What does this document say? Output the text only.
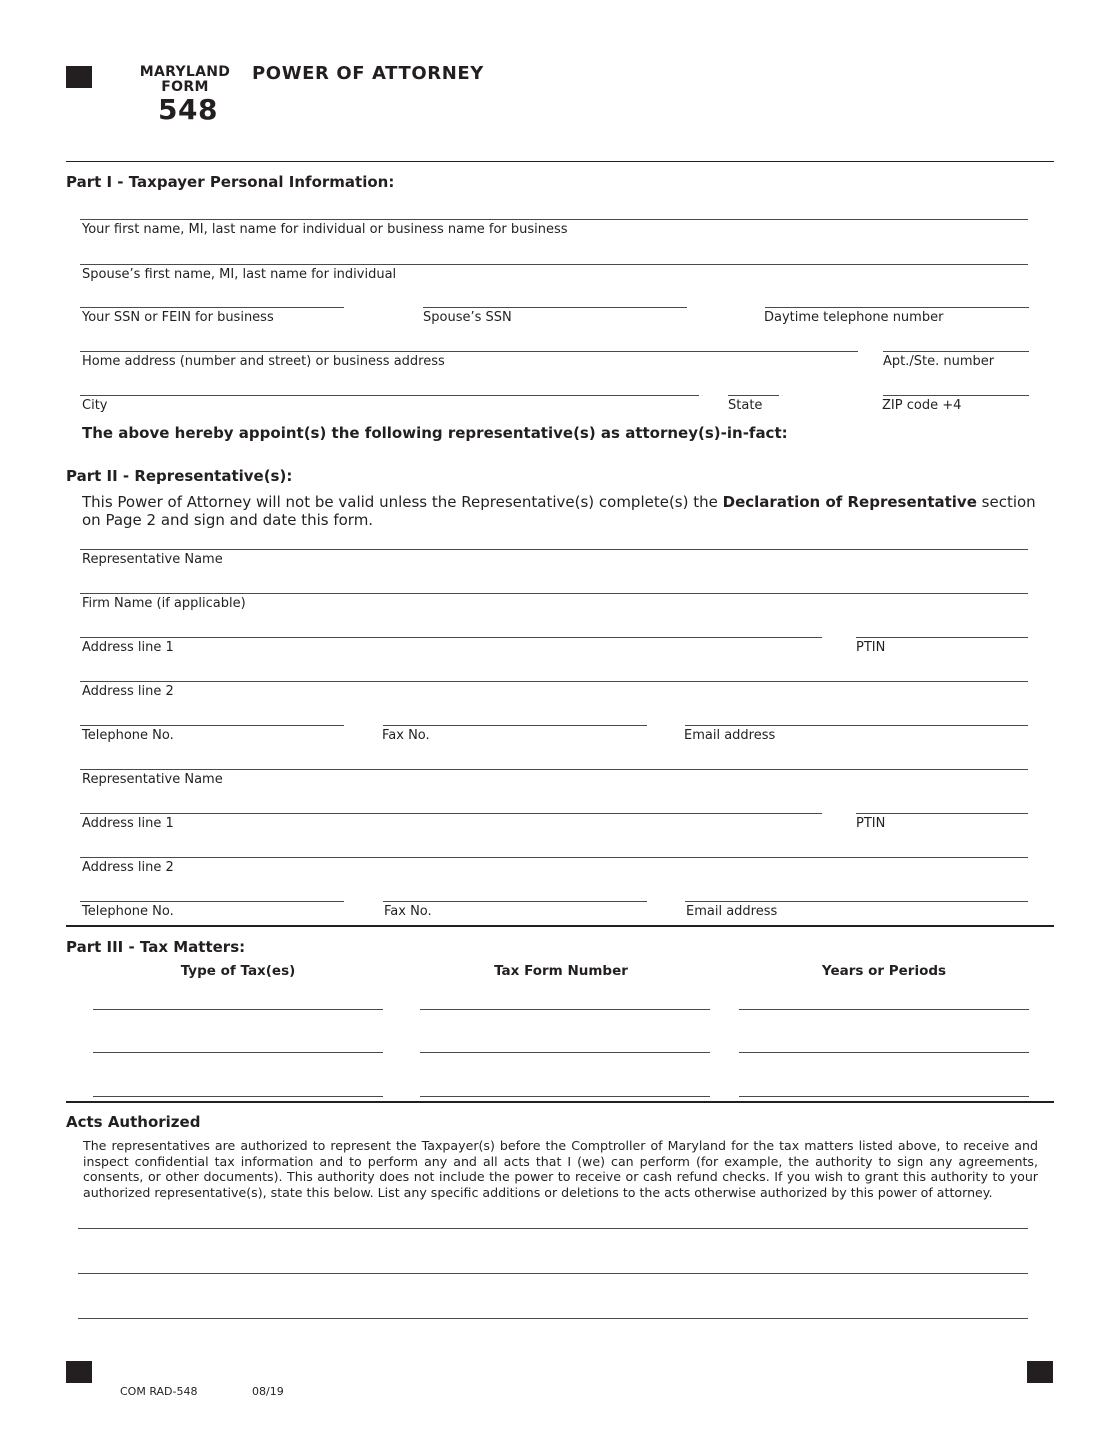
MARYLAND
FORM
548
POWER OF ATTORNEY
Part I - Taxpayer Personal Information:
Your first name, MI, last name for individual or business name for business
Spouse’s first name, MI, last name for individual
Your SSN or FEIN for business	Spouse’s SSN	Daytime telephone number
Home address (number and street) or business address	Apt./Ste. number
City	State	ZIP code +4
The above hereby appoint(s) the following representative(s) as attorney(s)-in-fact:
Part II - Representative(s):
This Power of Attorney will not be valid unless the Representative(s) complete(s) the Declaration of Representative section on Page 2 and sign and date this form.
Representative Name
Firm Name (if applicable)
Address line 1	PTIN
Address line 2
Telephone No.	Fax No.	Email address
Representative Name
Address line 1	PTIN
Address line 2
Telephone No.	Fax No.	Email address
Part III - Tax Matters:
Type of Tax(es)	Tax Form Number	Years or Periods
Acts Authorized
The representatives are authorized to represent the Taxpayer(s) before the Comptroller of Maryland for the tax matters listed above, to receive and inspect confidential tax information and to perform any and all acts that I (we) can perform (for example, the authority to sign any agreements, consents, or other documents). This authority does not include the power to receive or cash refund checks. If you wish to grant this authority to your authorized representative(s), state this below. List any specific additions or deletions to the acts otherwise authorized by this power of attorney.
COM RAD-548	08/19
